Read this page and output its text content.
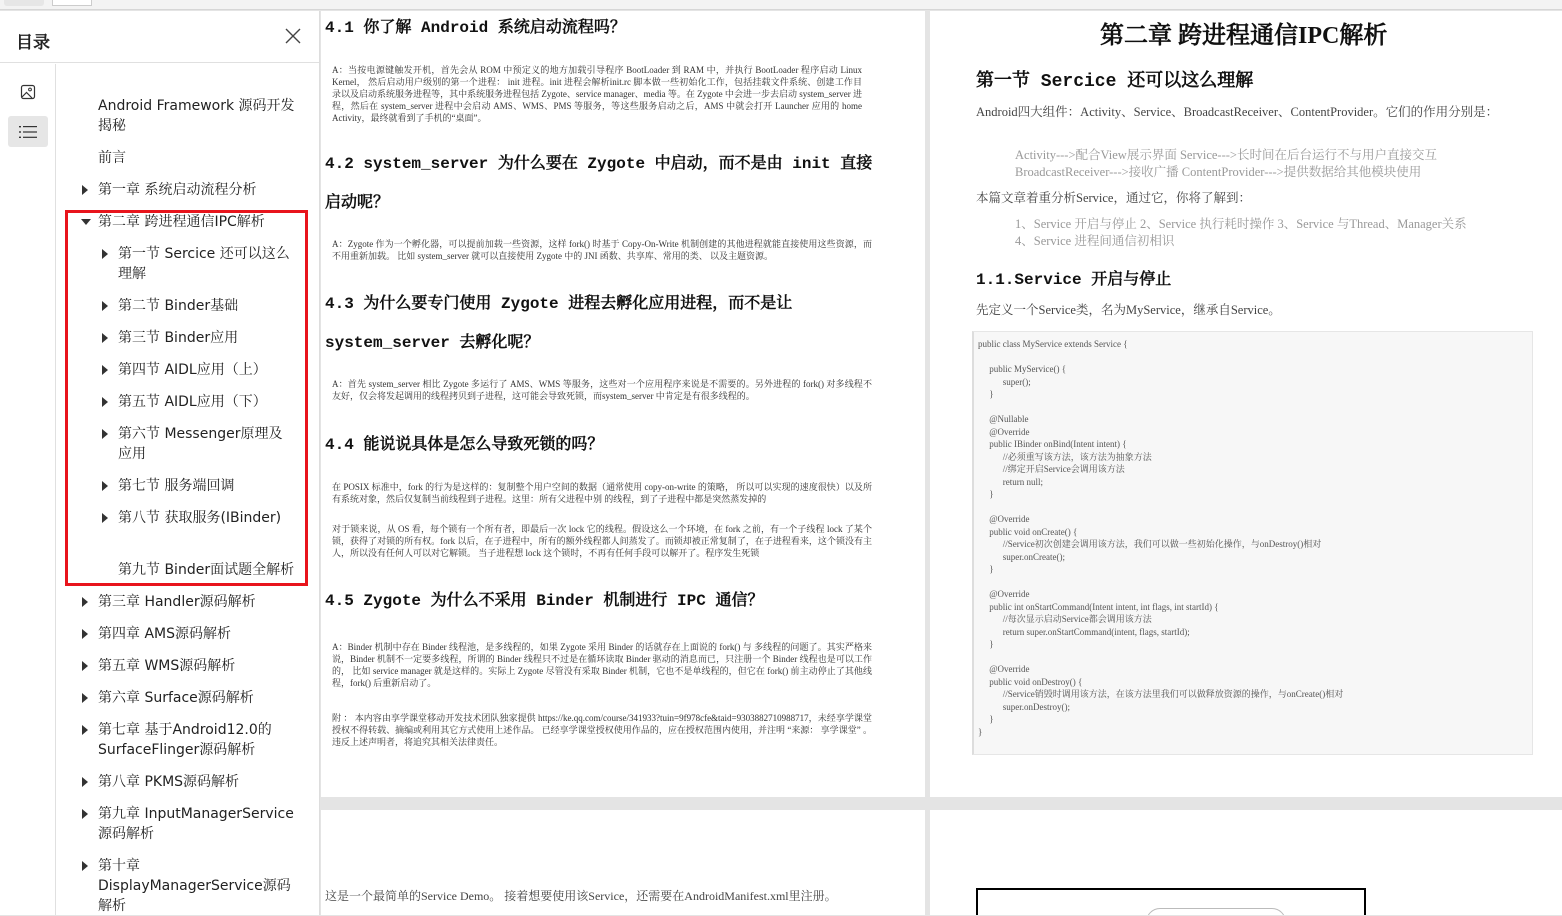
目录
Android Framework 源码开发揭秘
前言
第一章 系统启动流程分析
第二章 跨进程通信IPC解析
第一节 Sercice 还可以这么理解
第二节 Binder基础
第三节 Binder应用
第四节 AIDL应用（上）
第五节 AIDL应用（下）
第六节 Messenger原理及应用
第七节 服务端回调
第八节 获取服务(IBinder)
第九节 Binder面试题全解析
第三章 Handler源码解析
第四章 AMS源码解析
第五章 WMS源码解析
第六章 Surface源码解析
第七章 基于Android12.0的SurfaceFlinger源码解析
第八章 PKMS源码解析
第九章 InputManagerService源码解析
第十章 DisplayManagerService源码解析
4.1 你了解 Android 系统启动流程吗？
A：当按电源键触发开机，首先会从 ROM 中预定义的地方加载引导程序 BootLoader 到 RAM 中，并执行 BootLoader 程序启动 Linux Kernel， 然后启动用户级别的第一个进程： init 进程。init 进程会解析init.rc 脚本做一些初始化工作，包括挂载文件系统、创建工作目录以及启动系统服务进程等，其中系统服务进程包括 Zygote、service manager、media 等。在 Zygote 中会进一步去启动 system_server 进程，然后在 system_server 进程中会启动 AMS、WMS、PMS 等服务，等这些服务启动之后，AMS 中就会打开 Launcher 应用的 home Activity，最终就看到了手机的“桌面”。
4.2 system_server 为什么要在 Zygote 中启动，而不是由 init 直接
启动呢？
A：Zygote 作为一个孵化器，可以提前加载一些资源，这样 fork() 时基于 Copy-On-Write 机制创建的其他进程就能直接使用这些资源，而不用重新加载。 比如 system_server 就可以直接使用 Zygote 中的 JNI 函数、共享库、常用的类、 以及主题资源。
4.3 为什么要专门使用 Zygote 进程去孵化应用进程，而不是让
system_server 去孵化呢？
A：首先 system_server 相比 Zygote 多运行了 AMS、WMS 等服务，这些对一个应用程序来说是不需要的。另外进程的 fork() 对多线程不友好，仅会将发起调用的线程拷贝到子进程，这可能会导致死锁，而system_server 中肯定是有很多线程的。
4.4 能说说具体是怎么导致死锁的吗？
在 POSIX 标准中，fork 的行为是这样的：复制整个用户空间的数据（通常使用 copy-on-write 的策略， 所以可以实现的速度很快）以及所有系统对象，然后仅复制当前线程到子进程。这里：所有父进程中别 的线程，到了子进程中都是突然蒸发掉的
对于锁来说，从 OS 看，每个锁有一个所有者，即最后一次 lock 它的线程。假设这么一个环境，在 fork 之前，有一个子线程 lock 了某个锁，获得了对锁的所有权。fork 以后，在子进程中，所有的额外线程都人间蒸发了。而锁却被正常复制了，在子进程看来，这个锁没有主人，所以没有任何人可以对它解锁。 当子进程想 lock 这个锁时，不再有任何手段可以解开了。程序发生死锁
4.5 Zygote 为什么不采用 Binder 机制进行 IPC 通信？
A：Binder 机制中存在 Binder 线程池，是多线程的，如果 Zygote 采用 Binder 的话就存在上面说的 fork() 与 多线程的问题了。其实严格来说，Binder 机制不一定要多线程，所谓的 Binder 线程只不过是在循环读取 Binder 驱动的消息而已，只注册一个 Binder 线程也是可以工作的， 比如 service manager 就是这样的。实际上 Zygote 尽管没有采取 Binder 机制，它也不是单线程的，但它在 fork() 前主动停止了其他线程，fork() 后重新启动了。
附 ： 本内容由享学课堂移动开发技术团队独家提供 https://ke.qq.com/course/341933?tuin=9f978cfe&taid=9303882710988717，未经享学课堂授权不得转载、摘编或利用其它方式使用上述作品。 已经享学课堂授权使用作品的，应在授权范围内使用，并注明 “来源： 享学课堂” 。违反上述声明者，将追究其相关法律责任。
第二章 跨进程通信IPC解析
第一节 Sercice 还可以这么理解
Android四大组件：Activity、Service、BroadcastReceiver、ContentProvider。它们的作用分别是：
Activity--->配合View展示界面 Service--->长时间在后台运行不与用户直接交互 BroadcastReceiver--->接收广播 ContentProvider--->提供数据给其他模块使用
本篇文章着重分析Service，通过它，你将了解到：
1、Service 开启与停止 2、Service 执行耗时操作 3、Service 与Thread、Manager关系 4、Service 进程间通信初相识
1.1.Service 开启与停止
先定义一个Service类，名为MyService，继承自Service。
public class MyService extends Service {

public MyService() {
super();
}

@Nullable
@Override
public IBinder onBind(Intent intent) {
//必须重写该方法，该方法为抽象方法
//绑定开启Service会调用该方法
return null;
}

@Override
public void onCreate() {
//Service初次创建会调用该方法，我们可以做一些初始化操作，与onDestroy()相对
super.onCreate();
}

@Override
public int onStartCommand(Intent intent, int flags, int startId) {
//每次显示启动Service都会调用该方法
return super.onStartCommand(intent, flags, startId);
}

@Override
public void onDestroy() {
//Service销毁时调用该方法，在该方法里我们可以做释放资源的操作，与onCreate()相对
super.onDestroy();
}
}
这是一个最简单的Service Demo。 接着想要使用该Service，还需要在AndroidManifest.xml里注册。
